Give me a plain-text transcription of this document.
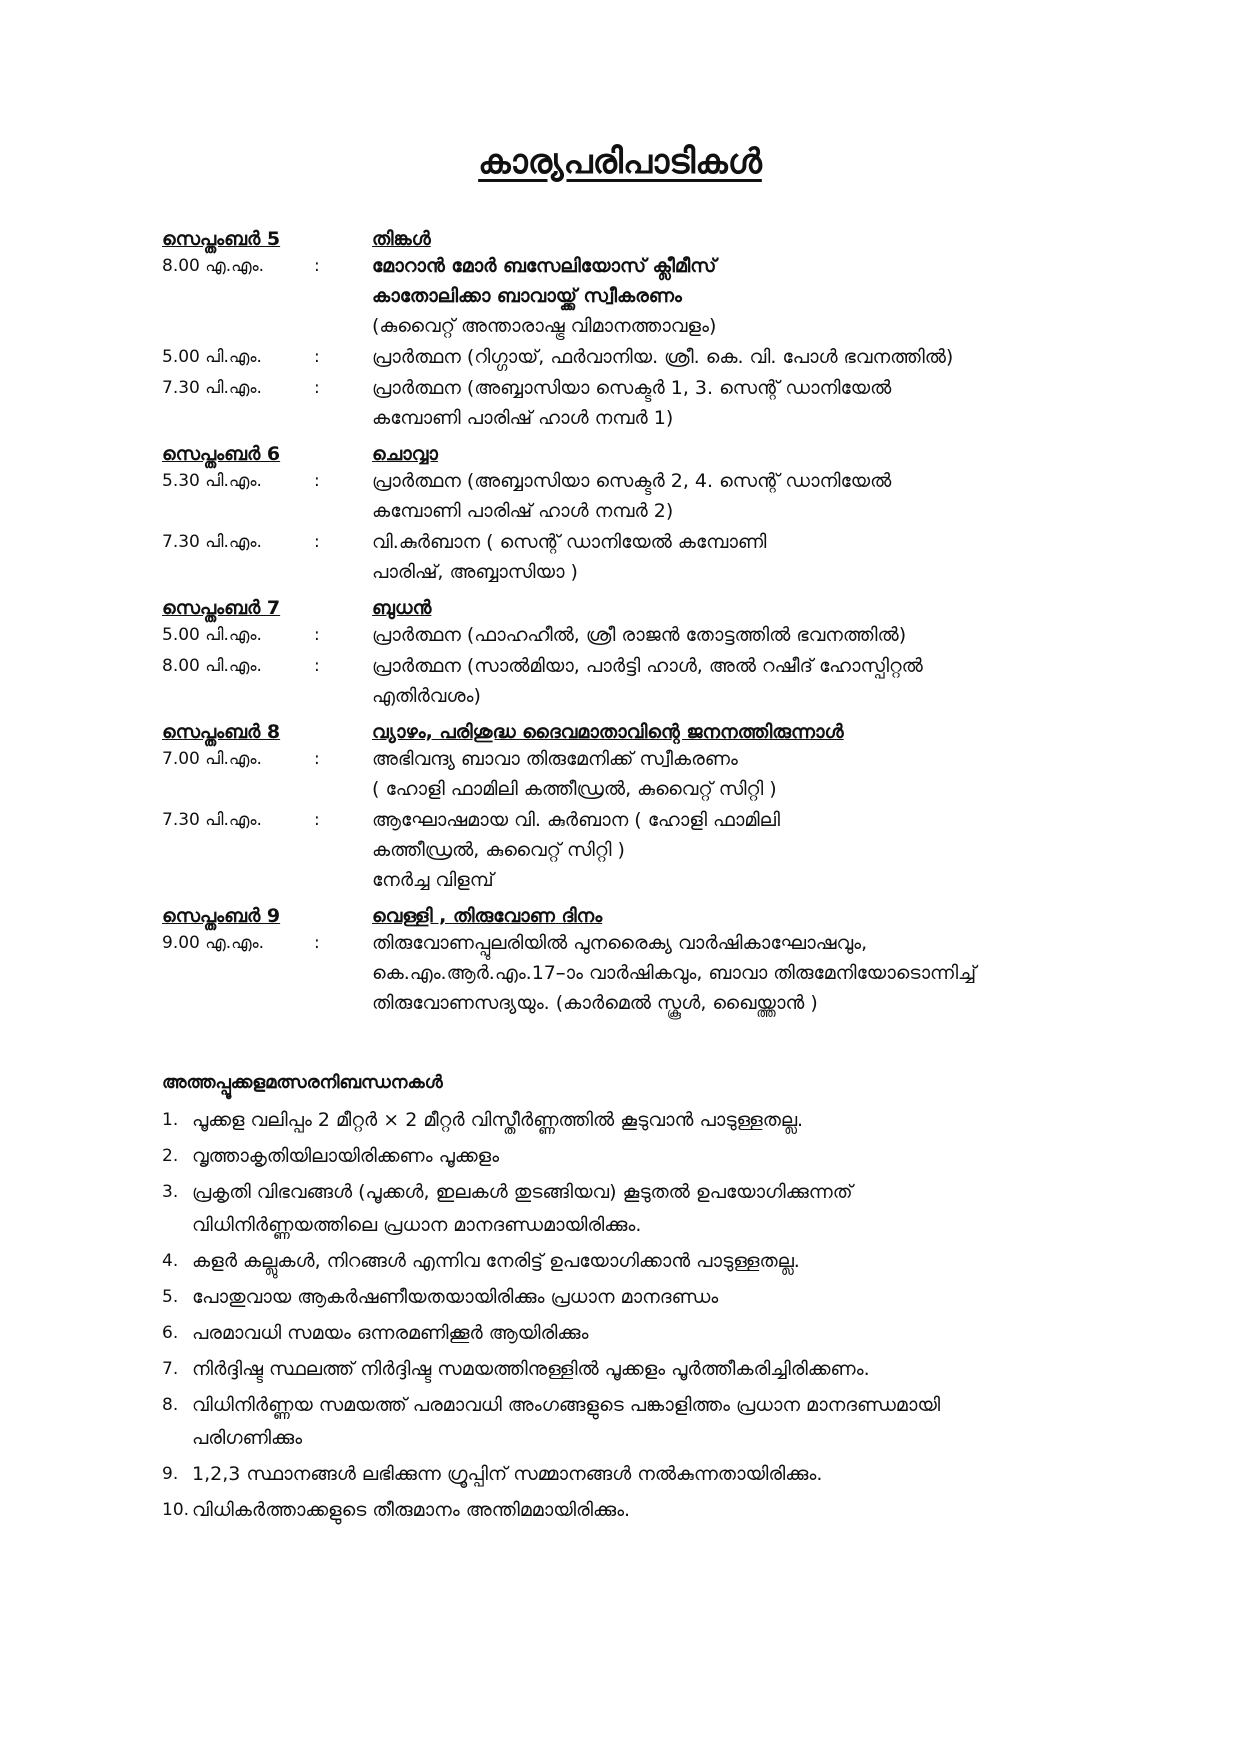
കാര്യപരിപാടികൾ
സെപ്തംബർ 5	തിങ്കൾ
8.00 എ.എം.	:	മോറാൻ മോർ ബസേലിയോസ് ക്ലീമീസ്
കാതോലിക്കാ ബാവായ്ക്ക് സ്വീകരണം
(കുവൈറ്റ് അന്താരാഷ്ട്ര വിമാനത്താവളം)
5.00 പി.എം.	:	പ്രാർത്ഥന (റിഗ്ഗായ്, ഫർവാനിയ. ശ്രീ. കെ. വി. പോൾ ഭവനത്തിൽ)
7.30 പി.എം.	:	പ്രാർത്ഥന (അബ്ബാസിയാ സെക്ടർ 1, 3. സെന്റ് ഡാനിയേൽ
കമ്പോണി പാരിഷ് ഹാൾ നമ്പർ 1)
സെപ്തംബർ 6	ചൊവ്വാ
5.30 പി.എം.	:	പ്രാർത്ഥന (അബ്ബാസിയാ സെക്ടർ 2, 4. സെന്റ് ഡാനിയേൽ
കമ്പോണി പാരിഷ് ഹാൾ നമ്പർ 2)
7.30 പി.എം.	:	വി.കുർബാന ( സെന്റ് ഡാനിയേൽ കമ്പോണി
പാരിഷ്, അബ്ബാസിയാ )
സെപ്തംബർ 7	ബുധൻ
5.00 പി.എം.	:	പ്രാർത്ഥന (ഫാഹഹീൽ, ശ്രീ രാജൻ തോട്ടത്തിൽ ഭവനത്തിൽ)
8.00 പി.എം.	:	പ്രാർത്ഥന (സാൽമിയാ, പാർട്ടി ഹാൾ, അൽ റഷീദ് ഹോസ്പിറ്റൽ
എതിർവശം)
സെപ്തംബർ 8	വ്യാഴം, പരിശുദ്ധ ദൈവമാതാവിന്റെ ജനനത്തിരുന്നാൾ
7.00 പി.എം.	:	അഭിവന്ദ്യ ബാവാ തിരുമേനിക്ക് സ്വീകരണം
( ഹോളി ഫാമിലി കത്തീഡ്രൽ, കുവൈറ്റ് സിറ്റി )
7.30 പി.എം.	:	ആഘോഷമായ വി. കുർബാന ( ഹോളി ഫാമിലി
കത്തീഡ്രൽ, കുവൈറ്റ് സിറ്റി )
നേർച്ച വിളമ്പ്
സെപ്തംബർ 9	വെള്ളി , തിരുവോണ ദിനം
9.00 എ.എം.	:	തിരുവോണപ്പുലരിയിൽ പുനരൈക്യ വാർഷികാഘോഷവും,
കെ.എം.ആർ.എം.17–ാം വാർഷികവും, ബാവാ തിരുമേനിയോടൊന്നിച്ച്
തിരുവോണസദ്യയും. (കാർമെൽ സ്കൂൾ, ഖൈയ്ത്താൻ )
അത്തപ്പൂക്കളമത്സരനിബന്ധനകൾ
1. പൂക്കള വലിപ്പം 2 മീറ്റർ × 2 മീറ്റർ വിസ്തീർണ്ണത്തിൽ കൂടുവാൻ പാടുള്ളതല്ല.
2. വൃത്താകൃതിയിലായിരിക്കണം പൂക്കളം
3. പ്രകൃതി വിഭവങ്ങൾ (പൂക്കൾ, ഇലകൾ തുടങ്ങിയവ) കൂടുതൽ ഉപയോഗിക്കുന്നത്
വിധിനിർണ്ണയത്തിലെ പ്രധാന മാനദണ്ഡമായിരിക്കും.
4. കളർ കല്ലുകൾ, നിറങ്ങൾ എന്നിവ നേരിട്ട് ഉപയോഗിക്കാൻ പാടുള്ളതല്ല.
5. പോതുവായ ആകർഷണീയതയായിരിക്കും പ്രധാന മാനദണ്ഡം
6. പരമാവധി സമയം ഒന്നരമണിക്കൂർ ആയിരിക്കും
7. നിർദ്ദിഷ്ട സ്ഥലത്ത് നിർദ്ദിഷ്ട സമയത്തിനുള്ളിൽ പൂക്കളം പൂർത്തീകരിച്ചിരിക്കണം.
8. വിധിനിർണ്ണയ സമയത്ത് പരമാവധി അംഗങ്ങളുടെ പങ്കാളിത്തം പ്രധാന മാനദണ്ഡമായി
പരിഗണിക്കും
9. 1,2,3 സ്ഥാനങ്ങൾ ലഭിക്കുന്ന ഗ്രൂപ്പിന് സമ്മാനങ്ങൾ നൽകുന്നതായിരിക്കും.
10. വിധികർത്താക്കളുടെ തീരുമാനം അന്തിമമായിരിക്കും.
